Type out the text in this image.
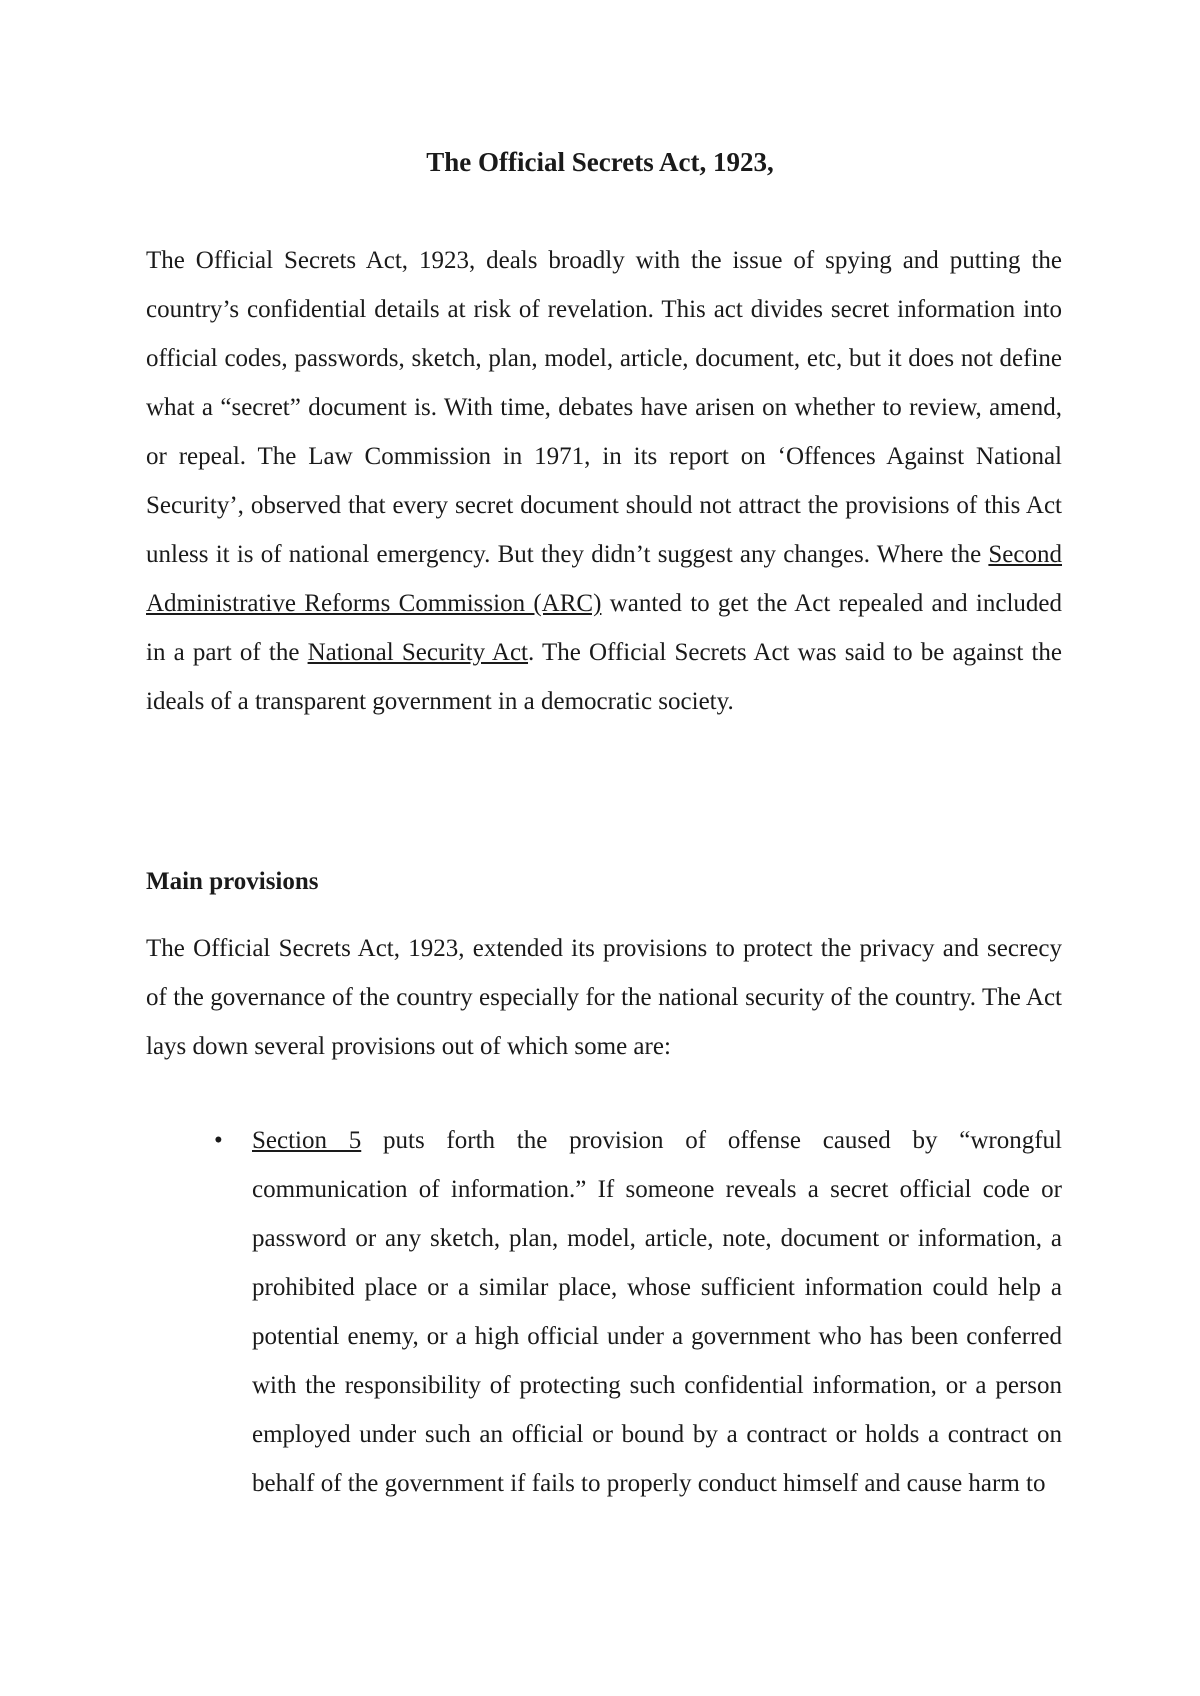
The Official Secrets Act, 1923,

The Official Secrets Act, 1923, deals broadly with the issue of spying and putting the country’s confidential details at risk of revelation. This act divides secret information into official codes, passwords, sketch, plan, model, article, document, etc, but it does not define what a “secret” document is. With time, debates have arisen on whether to review, amend, or repeal. The Law Commission in 1971, in its report on ‘Offences Against National Security’, observed that every secret document should not attract the provisions of this Act unless it is of national emergency. But they didn’t suggest any changes. Where the Second Administrative Reforms Commission (ARC) wanted to get the Act repealed and included in a part of the National Security Act. The Official Secrets Act was said to be against the ideals of a transparent government in a democratic society.

Main provisions

The Official Secrets Act, 1923, extended its provisions to protect the privacy and secrecy of the governance of the country especially for the national security of the country. The Act lays down several provisions out of which some are:

• Section 5 puts forth the provision of offense caused by “wrongful communication of information.” If someone reveals a secret official code or password or any sketch, plan, model, article, note, document or information, a prohibited place or a similar place, whose sufficient information could help a potential enemy, or a high official under a government who has been conferred with the responsibility of protecting such confidential information, or a person employed under such an official or bound by a contract or holds a contract on behalf of the government if fails to properly conduct himself and cause harm to
